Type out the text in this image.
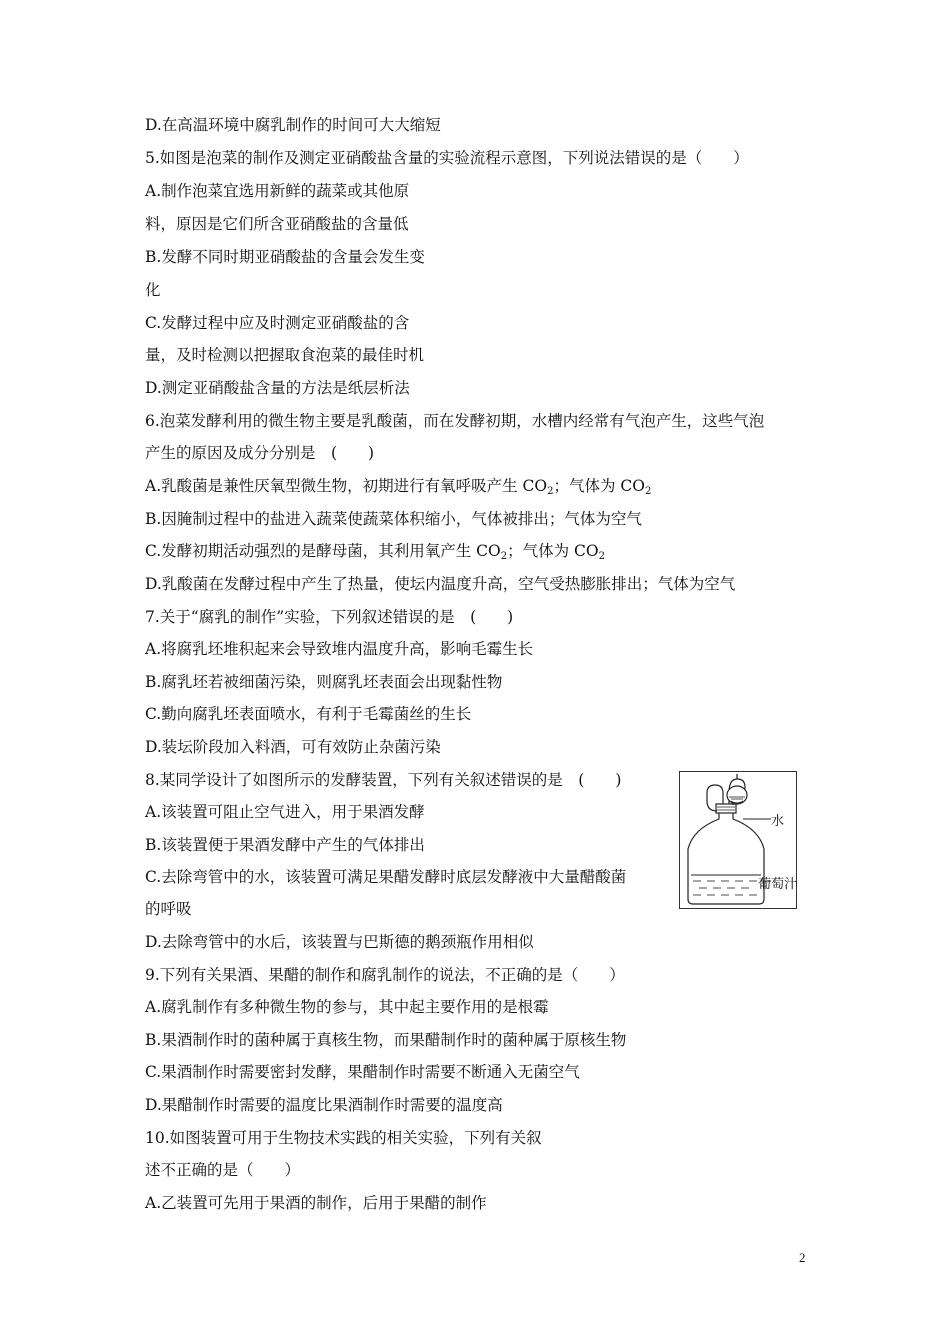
D.在高温环境中腐乳制作的时间可大大缩短
5.如图是泡菜的制作及测定亚硝酸盐含量的实验流程示意图，下列说法错误的是（　　）
A.制作泡菜宜选用新鲜的蔬菜或其他原
料，原因是它们所含亚硝酸盐的含量低
B.发酵不同时期亚硝酸盐的含量会发生变
化
C.发酵过程中应及时测定亚硝酸盐的含
量，及时检测以把握取食泡菜的最佳时机
D.测定亚硝酸盐含量的方法是纸层析法
6.泡菜发酵利用的微生物主要是乳酸菌，而在发酵初期，水槽内经常有气泡产生，这些气泡
产生的原因及成分分别是　(　　)
A.乳酸菌是兼性厌氧型微生物，初期进行有氧呼吸产生 $CO_2$；气体为 $CO_2$
B.因腌制过程中的盐进入蔬菜使蔬菜体积缩小，气体被排出；气体为空气
C.发酵初期活动强烈的是酵母菌，其利用氧产生 $CO_2$；气体为 $CO_2$
D.乳酸菌在发酵过程中产生了热量，使坛内温度升高，空气受热膨胀排出；气体为空气
7.关于“腐乳的制作”实验，下列叙述错误的是　(　　)
A.将腐乳坯堆积起来会导致堆内温度升高，影响毛霉生长
B.腐乳坯若被细菌污染，则腐乳坯表面会出现黏性物
C.勤向腐乳坯表面喷水，有利于毛霉菌丝的生长
D.装坛阶段加入料酒，可有效防止杂菌污染
8.某同学设计了如图所示的发酵装置，下列有关叙述错误的是　(　　)
A.该装置可阻止空气进入，用于果酒发酵
B.该装置便于果酒发酵中产生的气体排出
C.去除弯管中的水，该装置可满足果醋发酵时底层发酵液中大量醋酸菌
的呼吸
D.去除弯管中的水后，该装置与巴斯德的鹅颈瓶作用相似
9.下列有关果酒、果醋的制作和腐乳制作的说法，不正确的是（　　）
A.腐乳制作有多种微生物的参与，其中起主要作用的是根霉
B.果酒制作时的菌种属于真核生物，而果醋制作时的菌种属于原核生物
C.果酒制作时需要密封发酵，果醋制作时需要不断通入无菌空气
D.果醋制作时需要的温度比果酒制作时需要的温度高
10.如图装置可用于生物技术实践的相关实验，下列有关叙
述不正确的是（　　）
A.乙装置可先用于果酒的制作，后用于果醋的制作
水
葡萄汁
2
